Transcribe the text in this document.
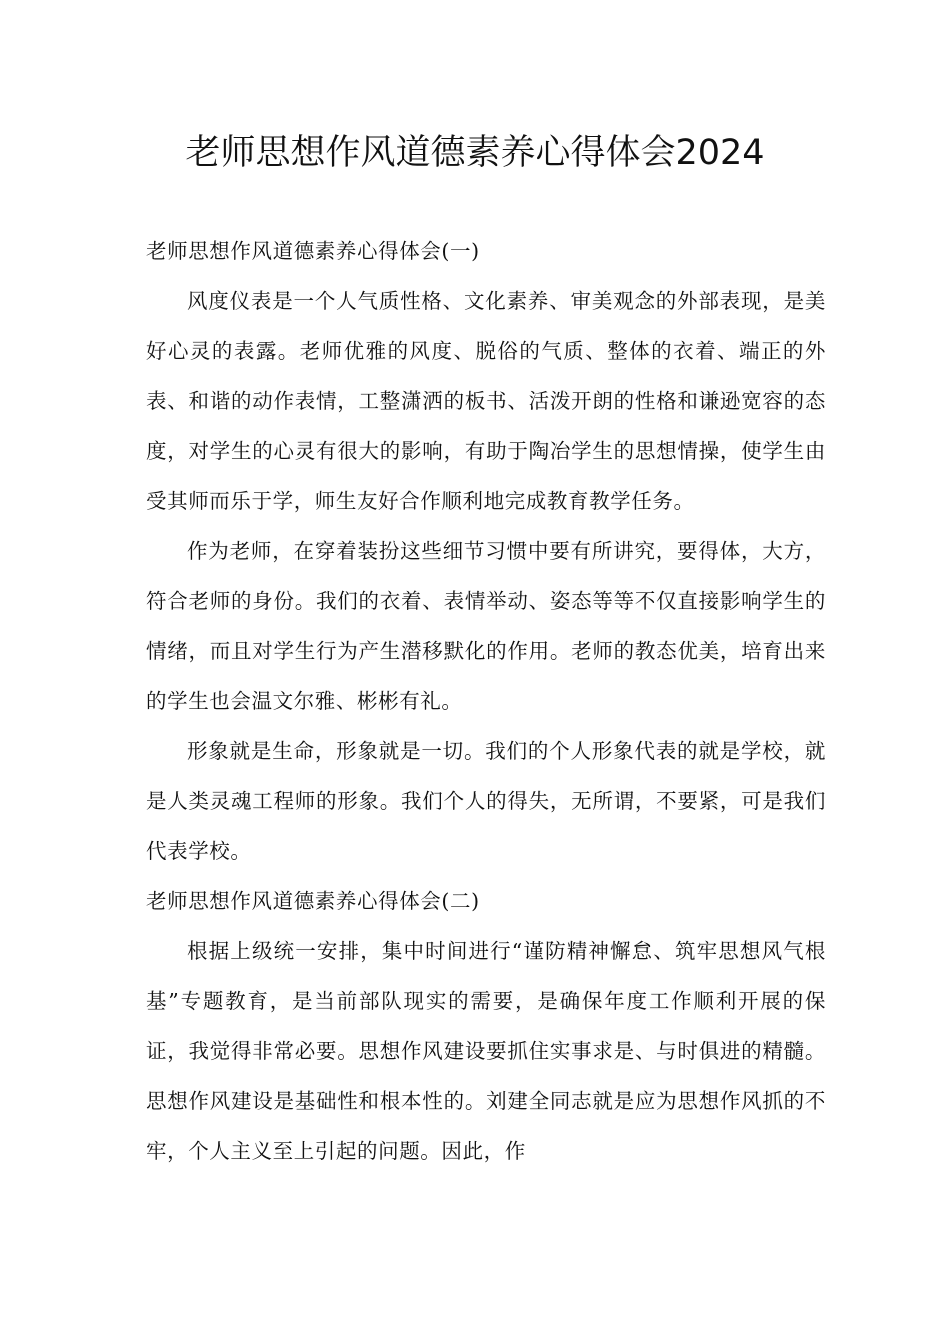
老师思想作风道德素养心得体会2024
老师思想作风道德素养心得体会(一)

风度仪表是一个人气质性格、文化素养、审美观念的外部表现，是美好心灵的表露。老师优雅的风度、脱俗的气质、整体的衣着、端正的外表、和谐的动作表情，工整潇洒的板书、活泼开朗的性格和谦逊宽容的态度，对学生的心灵有很大的影响，有助于陶冶学生的思想情操，使学生由受其师而乐于学，师生友好合作顺利地完成教育教学任务。

作为老师，在穿着装扮这些细节习惯中要有所讲究，要得体，大方，符合老师的身份。我们的衣着、表情举动、姿态等等不仅直接影响学生的情绪，而且对学生行为产生潜移默化的作用。老师的教态优美，培育出来的学生也会温文尔雅、彬彬有礼。

形象就是生命，形象就是一切。我们的个人形象代表的就是学校，就是人类灵魂工程师的形象。我们个人的得失，无所谓，不要紧，可是我们代表学校。

老师思想作风道德素养心得体会(二)

根据上级统一安排，集中时间进行“谨防精神懈怠、筑牢思想风气根基”专题教育，是当前部队现实的需要，是确保年度工作顺利开展的保证，我觉得非常必要。思想作风建设要抓住实事求是、与时俱进的精髓。思想作风建设是基础性和根本性的。刘建全同志就是应为思想作风抓的不牢，个人主义至上引起的问题。因此，作
